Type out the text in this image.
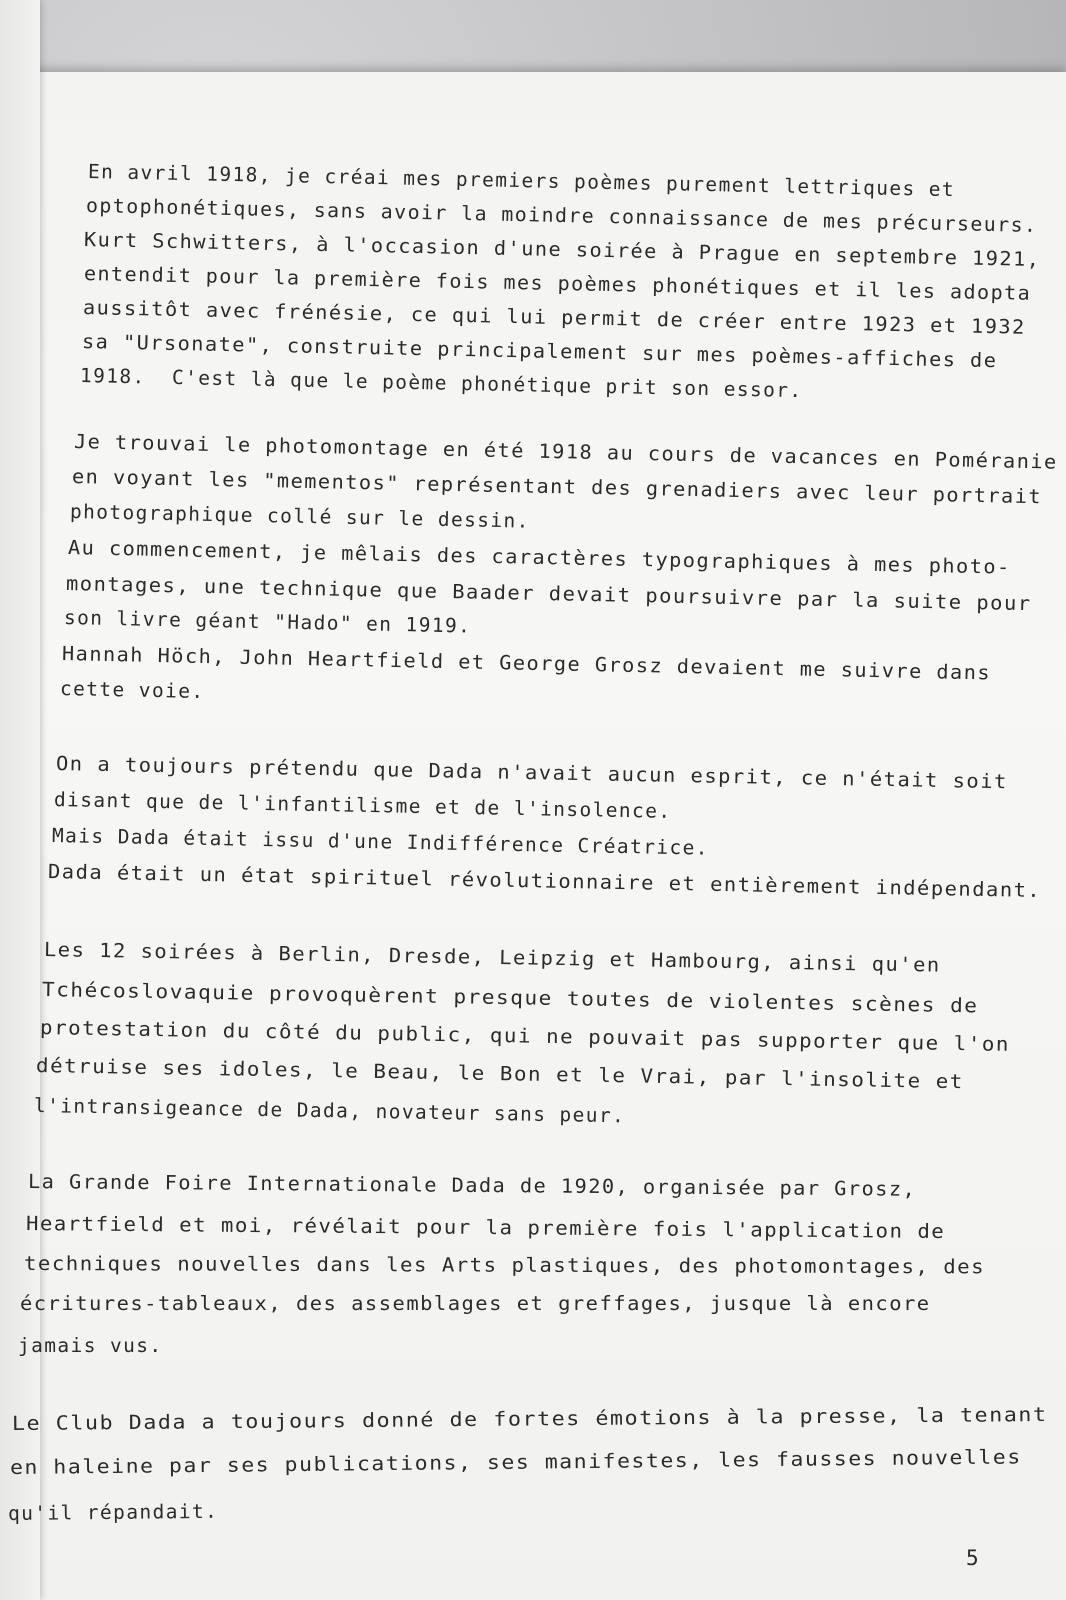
En avril 1918, je créai mes premiers poèmes purement lettriques et
optophonétiques, sans avoir la moindre connaissance de mes précurseurs.
Kurt Schwitters, à l'occasion d'une soirée à Prague en septembre 1921,
entendit pour la première fois mes poèmes phonétiques et il les adopta
aussitôt avec frénésie, ce qui lui permit de créer entre 1923 et 1932
sa "Ursonate", construite principalement sur mes poèmes-affiches de
1918.  C'est là que le poème phonétique prit son essor.
Je trouvai le photomontage en été 1918 au cours de vacances en Poméranie
en voyant les "mementos" représentant des grenadiers avec leur portrait
photographique collé sur le dessin.
Au commencement, je mêlais des caractères typographiques à mes photo-
montages, une technique que Baader devait poursuivre par la suite pour
son livre géant "Hado" en 1919.
Hannah Höch, John Heartfield et George Grosz devaient me suivre dans
cette voie.
On a toujours prétendu que Dada n'avait aucun esprit, ce n'était soit
disant que de l'infantilisme et de l'insolence.
Mais Dada était issu d'une Indifférence Créatrice.
Dada était un état spirituel révolutionnaire et entièrement indépendant.
Les 12 soirées à Berlin, Dresde, Leipzig et Hambourg, ainsi qu'en
Tchécoslovaquie provoquèrent presque toutes de violentes scènes de
protestation du côté du public, qui ne pouvait pas supporter que l'on
détruise ses idoles, le Beau, le Bon et le Vrai, par l'insolite et
l'intransigeance de Dada, novateur sans peur.
La Grande Foire Internationale Dada de 1920, organisée par Grosz,
Heartfield et moi, révélait pour la première fois l'application de
techniques nouvelles dans les Arts plastiques, des photomontages, des
écritures-tableaux, des assemblages et greffages, jusque là encore
jamais vus.
Le Club Dada a toujours donné de fortes émotions à la presse, la tenant
en haleine par ses publications, ses manifestes, les fausses nouvelles
qu'il répandait.
5
